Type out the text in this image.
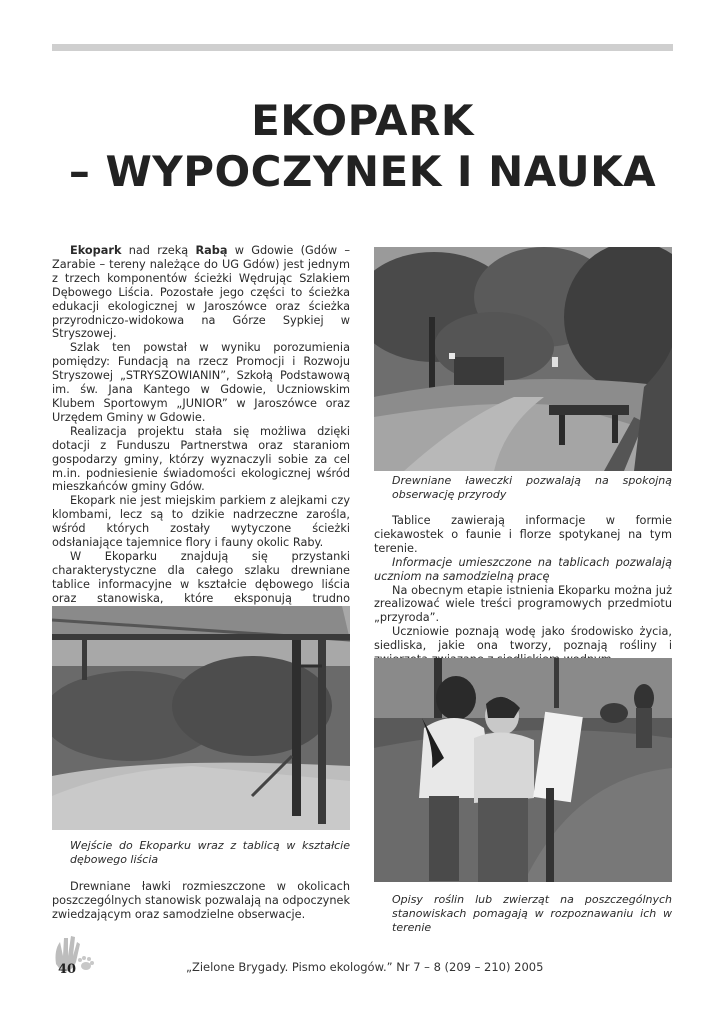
EKOPARK
– WYPOCZYNEK I NAUKA

Ekopark nad rzeką Rabą w Gdowie (Gdów – Zarabie – tereny należące do UG Gdów) jest jednym z trzech komponentów ścieżki Wędrując Szlakiem Dębowego Liścia. Pozostałe jego części to ścieżka edukacji ekologicznej w Jaroszówce oraz ścieżka przyrodniczo-widokowa na Górze Sypkiej w Stryszowej.

Szlak ten powstał w wyniku porozumienia pomiędzy: Fundacją na rzecz Promocji i Rozwoju Stryszowej „STRYSZOWIANIN”, Szkołą Podstawową im. św. Jana Kantego w Gdowie, Uczniowskim Klubem Sportowym „JUNIOR” w Jaroszówce oraz Urzędem Gminy w Gdowie.

Realizacja projektu stała się możliwa dzięki dotacji z Funduszu Partnerstwa oraz staraniom gospodarzy gminy, którzy wyznaczyli sobie za cel m.in. podniesienie świadomości ekologicznej wśród mieszkańców gminy Gdów.

Ekopark nie jest miejskim parkiem z alejkami czy klombami, lecz są to dzikie nadrzeczne zarośla, wśród których zostały wytyczone ścieżki odsłaniające tajemnice flory i fauny okolic Raby.

W Ekoparku znajdują się przystanki charakterystyczne dla całego szlaku drewniane tablice informacyjne w kształcie dębowego liścia oraz stanowiska, które eksponują trudno

Drewniane ławeczki pozwalają na spokojną obserwację przyrody

Tablice zawierają informacje w formie ciekawostek o faunie i florze spotykanej na tym terenie.

Informacje umieszczone na tablicach pozwalają uczniom na samodzielną pracę

Na obecnym etapie istnienia Ekoparku można już zrealizować wiele treści programowych przedmiotu „przyroda”.

Uczniowie poznają wodę jako środowisko życia, siedliska, jakie ona tworzy, poznają rośliny i

Wejście do Ekoparku wraz z tablicą w kształcie dębowego liścia

Drewniane ławki rozmieszczone w okolicach poszczególnych stanowisk pozwalają na odpoczynek zwiedzającym oraz samodzielne obserwacje.

Opisy roślin lub zwierząt na poszczególnych stanowiskach pomagają w rozpoznawaniu ich w terenie
40	„Zielone Brygady. Pismo ekologów.” Nr 7 – 8 (209 – 210) 2005
